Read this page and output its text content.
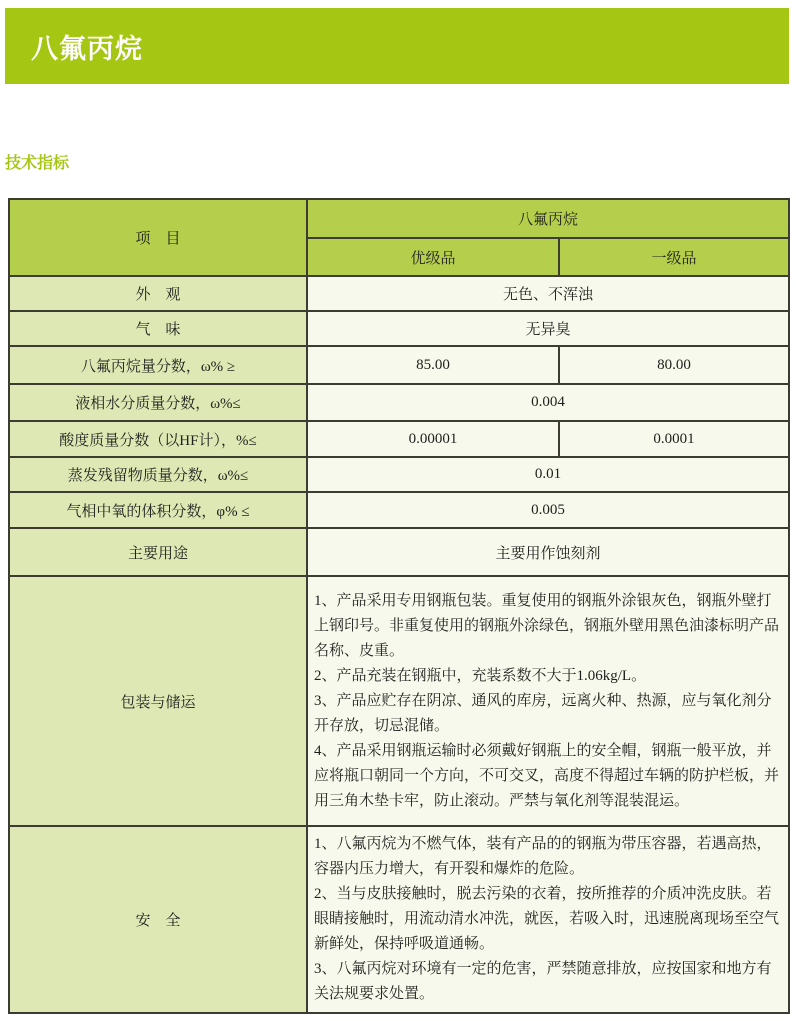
八氟丙烷
技术指标
项　目	八氟丙烷	
	优级品	一级品
外　观	无色、不浑浊	
气　味	无异臭	
八氟丙烷量分数，ω% ≥	85.00	80.00
液相水分质量分数，ω%≤	0.004	
酸度质量分数（以HF计），%≤	0.00001	0.0001
蒸发残留物质量分数，ω%≤	0.01	
气相中氧的体积分数，φ% ≤	0.005	
主要用途	主要用作蚀刻剂	
包装与储运	1、产品采用专用钢瓶包装。重复使用的钢瓶外涂银灰色，钢瓶外壁打上钢印号。非重复使用的钢瓶外涂绿色，钢瓶外壁用黑色油漆标明产品名称、皮重。
2、产品充装在钢瓶中，充装系数不大于1.06kg/L。
3、产品应贮存在阴凉、通风的库房，远离火种、热源，应与氧化剂分开存放，切忌混储。
4、产品采用钢瓶运输时必须戴好钢瓶上的安全帽，钢瓶一般平放，并应将瓶口朝同一个方向，不可交叉，高度不得超过车辆的防护栏板，并用三角木垫卡牢，防止滚动。严禁与氧化剂等混装混运。	

安　全	1、八氟丙烷为不燃气体，装有产品的的钢瓶为带压容器，若遇高热，容器内压力增大，有开裂和爆炸的危险。
2、当与皮肤接触时，脱去污染的衣着，按所推荐的介质冲洗皮肤。若眼睛接触时，用流动清水冲洗，就医，若吸入时，迅速脱离现场至空气新鲜处，保持呼吸道通畅。
3、八氟丙烷对环境有一定的危害，严禁随意排放，应按国家和地方有关法规要求处置。	
